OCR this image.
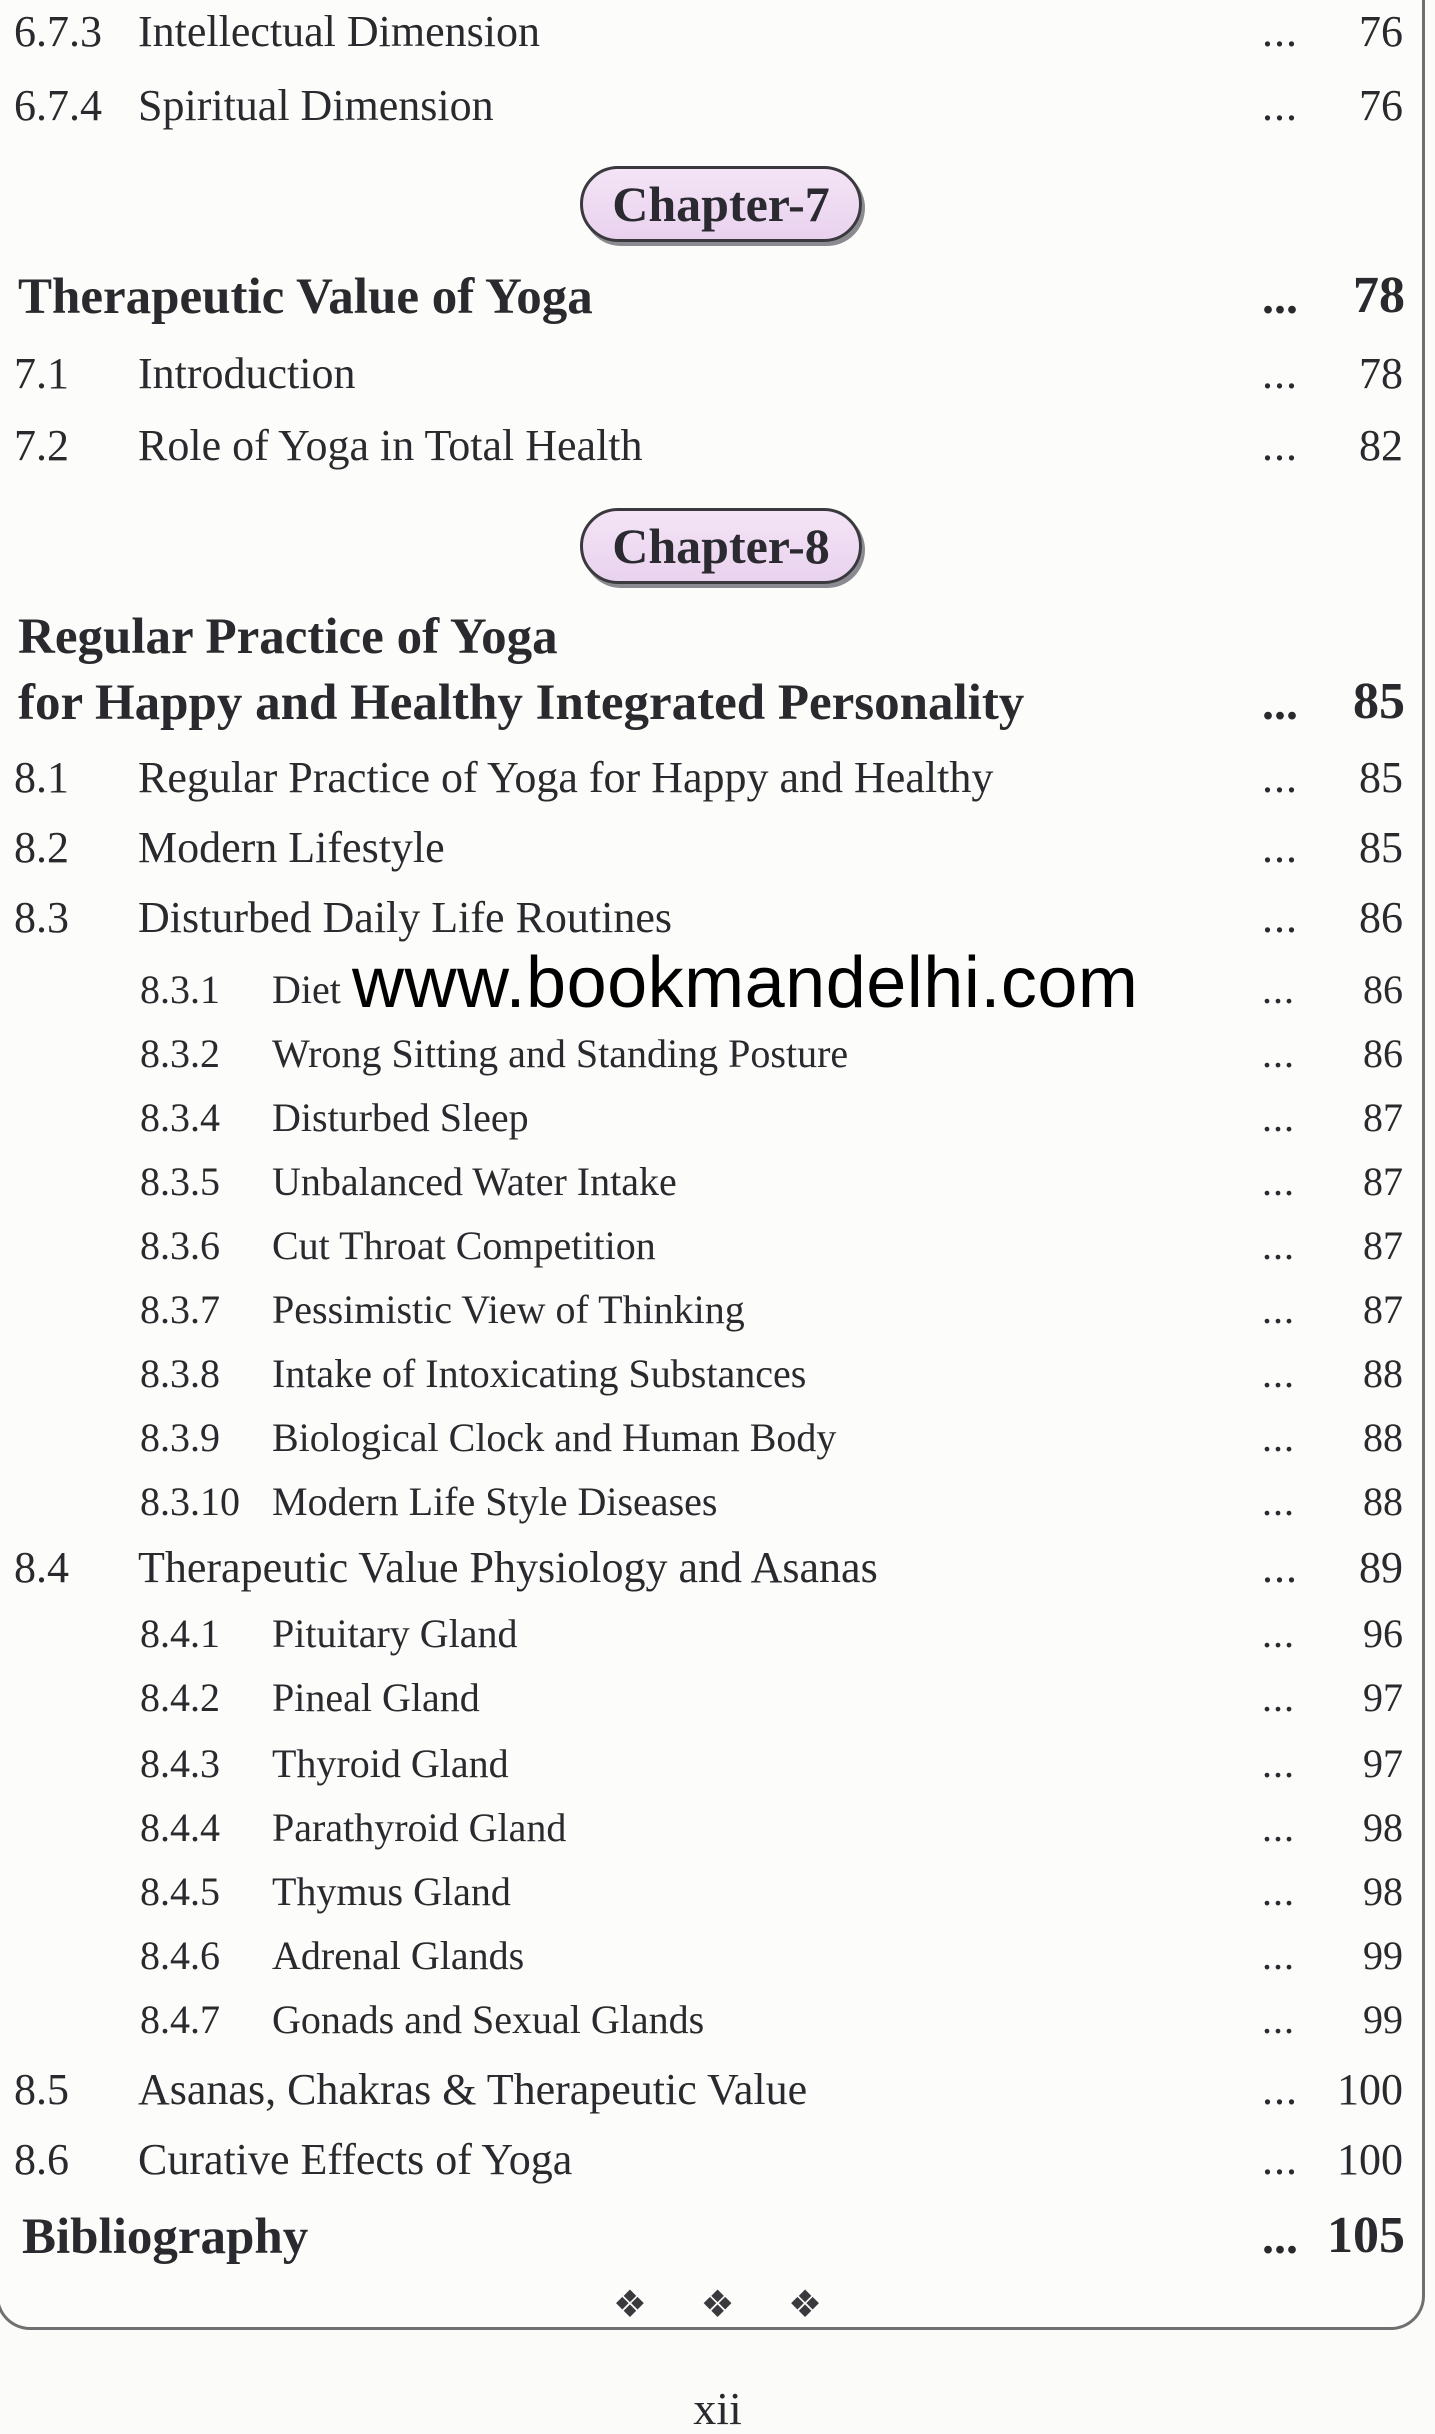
6.7.3 Intellectual Dimension	... 76
6.7.4 Spiritual Dimension	... 76
Chapter-7
Therapeutic Value of Yoga	... 78
7.1 Introduction	... 78
7.2 Role of Yoga in Total Health	... 82
Chapter-8
Regular Practice of Yoga
for Happy and Healthy Integrated Personality	... 85
8.1 Regular Practice of Yoga for Happy and Healthy	... 85
8.2 Modern Lifestyle	... 85
8.3 Disturbed Daily Life Routines	... 86
8.3.1 Diet	... 86
8.3.2 Wrong Sitting and Standing Posture	... 86
8.3.4 Disturbed Sleep	... 87
8.3.5 Unbalanced Water Intake	... 87
8.3.6 Cut Throat Competition	... 87
8.3.7 Pessimistic View of Thinking	... 87
8.3.8 Intake of Intoxicating Substances	... 88
8.3.9 Biological Clock and Human Body	... 88
8.3.10 Modern Life Style Diseases	... 88
8.4 Therapeutic Value Physiology and Asanas	... 89
8.4.1 Pituitary Gland	... 96
8.4.2 Pineal Gland	... 97
8.4.3 Thyroid Gland	... 97
8.4.4 Parathyroid Gland	... 98
8.4.5 Thymus Gland	... 98
8.4.6 Adrenal Glands	... 99
8.4.7 Gonads and Sexual Glands	... 99
8.5 Asanas, Chakras & Therapeutic Value	... 100
8.6 Curative Effects of Yoga	... 100
Bibliography	... 105
❖ ❖ ❖
www.bookmandelhi.com
xii
